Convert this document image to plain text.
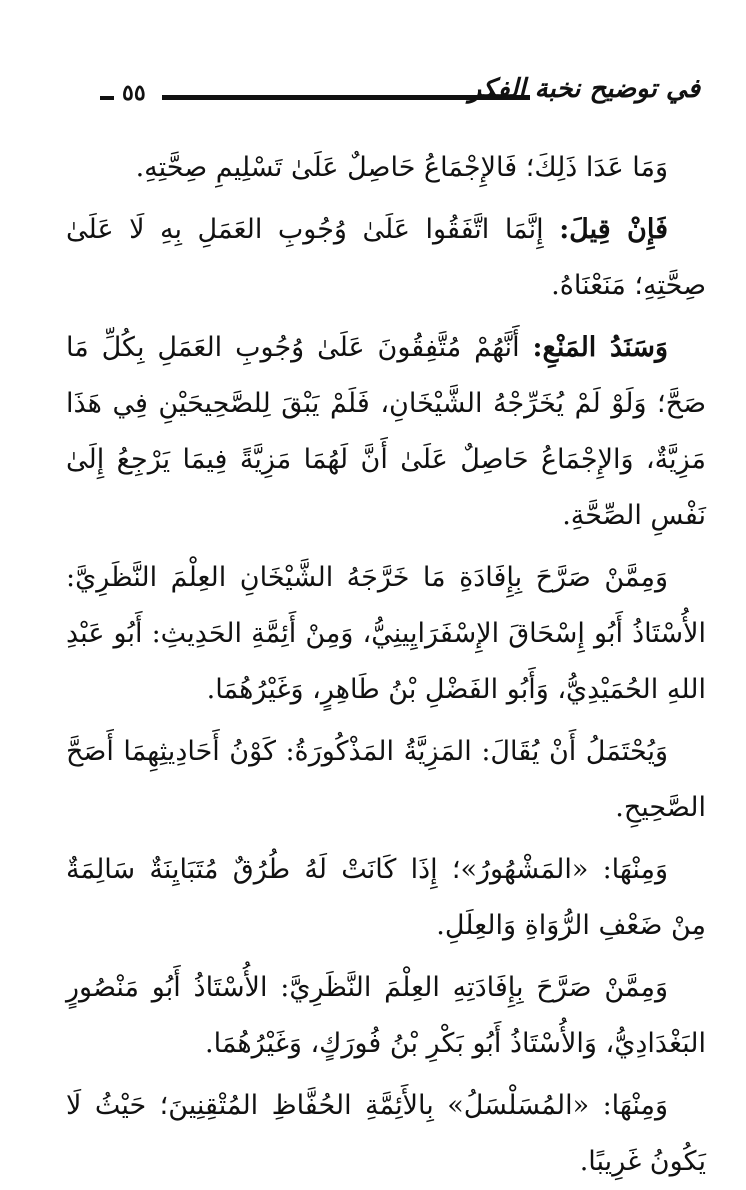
٥٥	في توضيح نخبة الفكر

وَمَا عَدَا ذَلِكَ؛ فَالإِجْمَاعُ حَاصِلٌ عَلَىٰ تَسْلِيمِ صِحَّتِهِ.

فَإِنْ قِيلَ: إِنَّمَا اتَّفَقُوا عَلَىٰ وُجُوبِ العَمَلِ بِهِ لَا عَلَىٰ صِحَّتِهِ؛ مَنَعْنَاهُ.

وَسَنَدُ المَنْعِ: أَنَّهُمْ مُتَّفِقُونَ عَلَىٰ وُجُوبِ العَمَلِ بِكُلِّ مَا صَحَّ؛ وَلَوْ لَمْ يُخَرِّجْهُ الشَّيْخَانِ، فَلَمْ يَبْقَ لِلصَّحِيحَيْنِ فِي هَذَا مَزِيَّةٌ، وَالإِجْمَاعُ حَاصِلٌ عَلَىٰ أَنَّ لَهُمَا مَزِيَّةً فِيمَا يَرْجِعُ إِلَىٰ نَفْسِ الصِّحَّةِ.

وَمِمَّنْ صَرَّحَ بِإِفَادَةِ مَا خَرَّجَهُ الشَّيْخَانِ العِلْمَ النَّظَرِيَّ: الأُسْتَاذُ أَبُو إِسْحَاقَ الإِسْفَرَايِينِيُّ، وَمِنْ أَئِمَّةِ الحَدِيثِ: أَبُو عَبْدِ اللهِ الحُمَيْدِيُّ، وَأَبُو الفَضْلِ بْنُ طَاهِرٍ، وَغَيْرُهُمَا.

وَيُحْتَمَلُ أَنْ يُقَالَ: المَزِيَّةُ المَذْكُورَةُ: كَوْنُ أَحَادِيثِهِمَا أَصَحَّ الصَّحِيحِ.

وَمِنْهَا: «المَشْهُورُ»؛ إِذَا كَانَتْ لَهُ طُرُقٌ مُتَبَايِنَةٌ سَالِمَةٌ مِنْ ضَعْفِ الرُّوَاةِ وَالعِلَلِ.

وَمِمَّنْ صَرَّحَ بِإِفَادَتِهِ العِلْمَ النَّظَرِيَّ: الأُسْتَاذُ أَبُو مَنْصُورٍ البَغْدَادِيُّ، وَالأُسْتَاذُ أَبُو بَكْرِ بْنُ فُورَكٍ، وَغَيْرُهُمَا.

وَمِنْهَا: «المُسَلْسَلُ» بِالأَئِمَّةِ الحُفَّاظِ المُتْقِنِينَ؛ حَيْثُ لَا يَكُونُ غَرِيبًا.
